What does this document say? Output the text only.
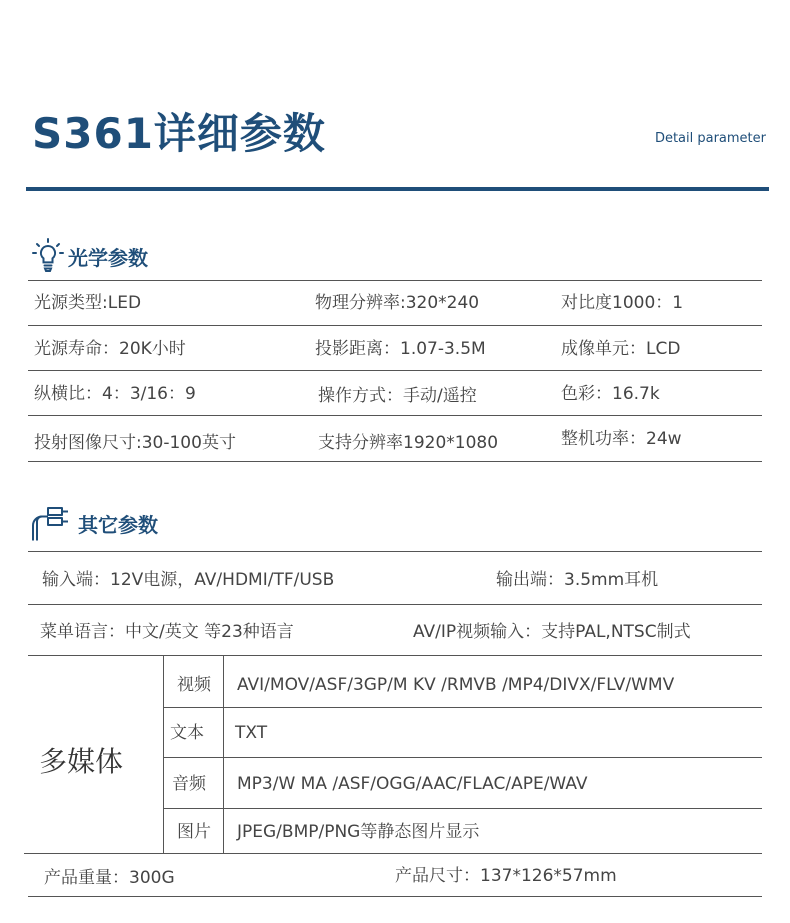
S361详细参数	Detail parameter
光学参数
光源类型:LED	物理分辨率:320*240	对比度1000：1
光源寿命：20K小时	投影距离：1.07-3.5M	成像单元：LCD
纵横比：4：3/16：9	操作方式：手动/遥控	色彩：16.7k
投射图像尺寸:30-100英寸	支持分辨率1920*1080	整机功率：24w
其它参数
输入端：12V电源，AV/HDMI/TF/USB	输出端：3.5mm耳机
菜单语言：中文/英文 等23种语言	AV/IP视频输入：支持PAL,NTSC制式
多媒体
视频 AVI/MOV/ASF/3GP/M KV /RMVB /MP4/DIVX/FLV/WMV
文本 TXT
音频 MP3/W MA /ASF/OGG/AAC/FLAC/APE/WAV
图片 JPEG/BMP/PNG等静态图片显示
产品重量：300G	产品尺寸：137*126*57mm
